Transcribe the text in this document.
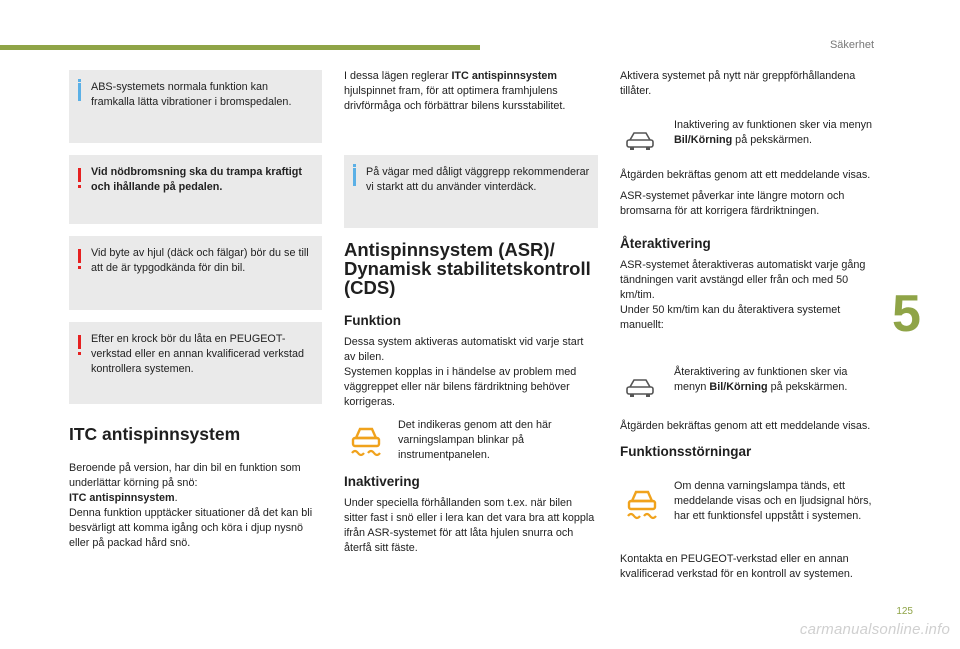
Säkerhet
5
125
carmanualsonline.info

ABS-systemets normala funktion kan framkalla lätta vibrationer i bromspedalen.

Vid nödbromsning ska du trampa kraftigt och ihållande på pedalen.

Vid byte av hjul (däck och fälgar) bör du se till att de är typgodkända för din bil.

Efter en krock bör du låta en PEUGEOT-verkstad eller en annan kvalificerad verkstad kontrollera systemen.

ITC antispinnsystem

Beroende på version, har din bil en funktion som underlättar körning på snö:
ITC antispinnsystem.

Denna funktion upptäcker situationer då det kan bli besvärligt att komma igång och köra i djup nysnö eller på packad hård snö.

I dessa lägen reglerar ITC antispinnsystem hjulspinnet fram, för att optimera framhjulens drivförmåga och förbättrar bilens kursstabilitet.

På vägar med dåligt väggrepp rekommenderar vi starkt att du använder vinterdäck.

Antispinnsystem (ASR)/ Dynamisk stabilitetskontroll (CDS)
Funktion

Dessa system aktiveras automatiskt vid varje start av bilen.

Systemen kopplas in i händelse av problem med väggreppet eller när bilens färdriktning behöver korrigeras.

Det indikeras genom att den här varningslampan blinkar på instrumentpanelen.

Inaktivering

Under speciella förhållanden som t.ex. när bilen sitter fast i snö eller i lera kan det vara bra att koppla ifrån ASR-systemet för att låta hjulen snurra och återfå sitt fäste.

Aktivera systemet på nytt när greppförhållandena tillåter.

Inaktivering av funktionen sker via menyn Bil/Körning på pekskärmen.

Åtgärden bekräftas genom att ett meddelande visas.

ASR-systemet påverkar inte längre motorn och bromsarna för att korrigera färdriktningen.

Återaktivering

ASR-systemet återaktiveras automatiskt varje gång tändningen varit avstängd eller från och med 50 km/tim.

Under 50 km/tim kan du återaktivera systemet manuellt:

Återaktivering av funktionen sker via menyn Bil/Körning på pekskärmen.

Åtgärden bekräftas genom att ett meddelande visas.

Funktionsstörningar

Om denna varningslampa tänds, ett meddelande visas och en ljudsignal hörs, har ett funktionsfel uppstått i systemen.

Kontakta en PEUGEOT-verkstad eller en annan kvalificerad verkstad för en kontroll av systemen.
